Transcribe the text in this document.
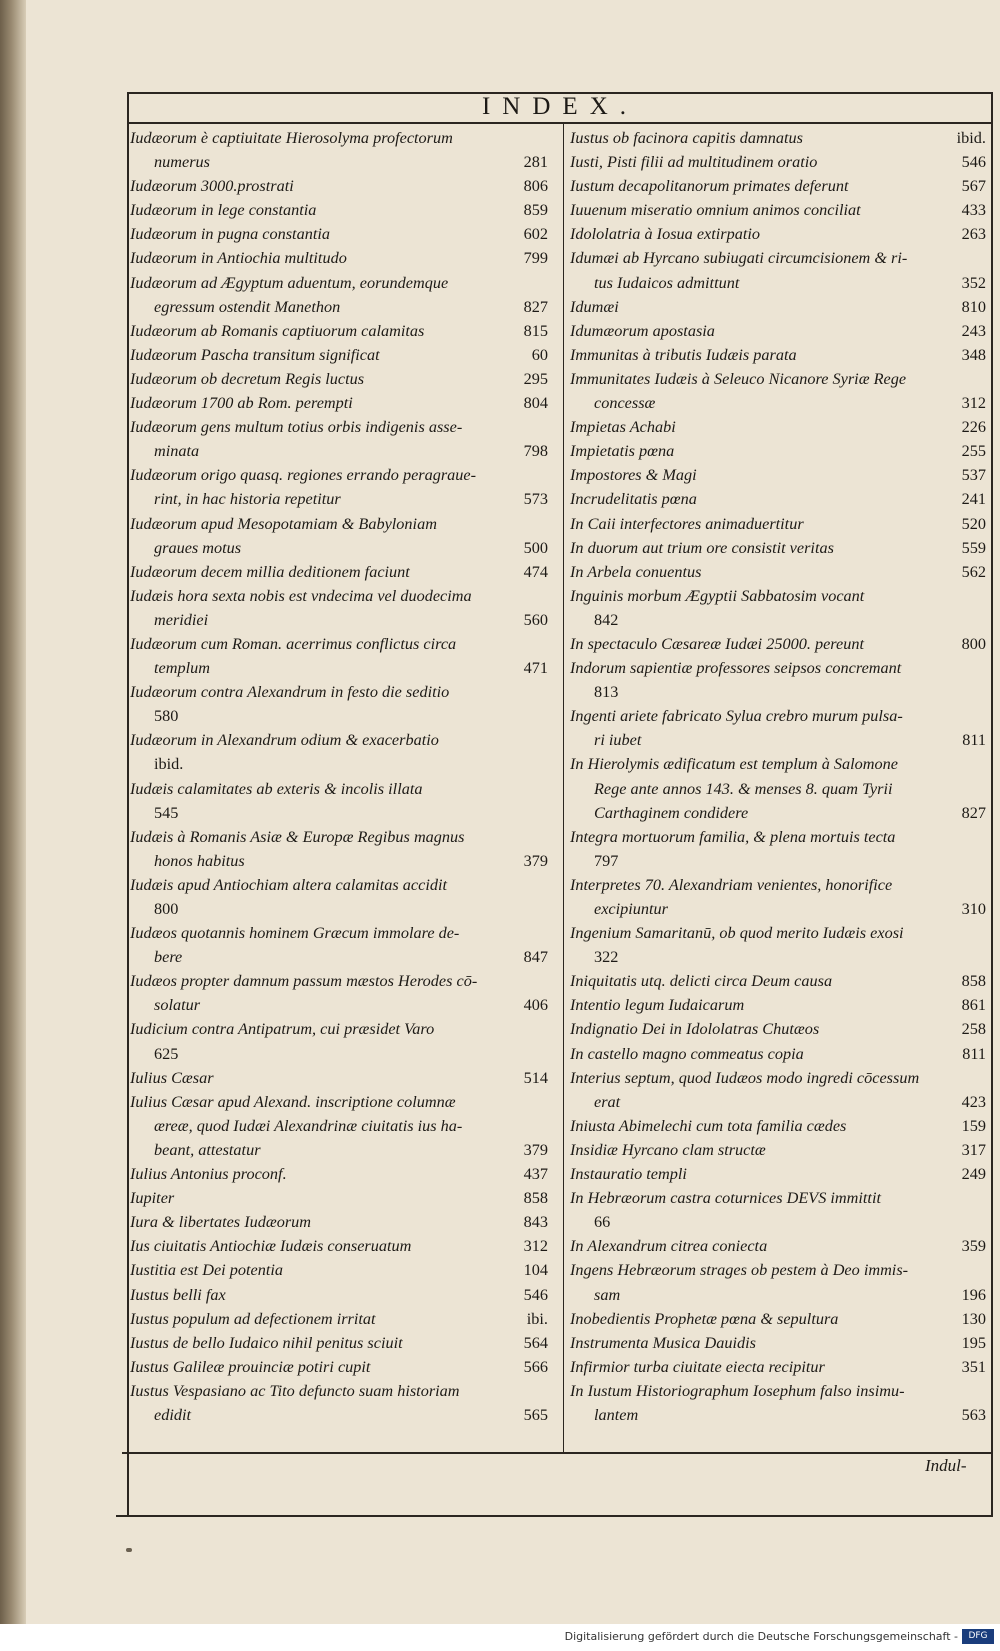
INDEX.
Iudæorum è captiuitate Hierosolyma profectorum
numerus	281
Iudæorum 3000.prostrati	806
Iudæorum in lege constantia	859
Iudæorum in pugna constantia	602
Iudæorum in Antiochia multitudo	799
Iudæorum ad Ægyptum aduentum, eorundemque
egressum ostendit Manethon	827
Iudæorum ab Romanis captiuorum calamitas	815
Iudæorum Pascha transitum significat	60
Iudæorum ob decretum Regis luctus	295
Iudæorum 1700 ab Rom. perempti	804
Iudæorum gens multum totius orbis indigenis asse-
minata	798
Iudæorum origo quasq. regiones errando peragraue-
rint, in hac historia repetitur	573
Iudæorum apud Mesopotamiam & Babyloniam
graues motus	500
Iudæorum decem millia deditionem faciunt	474
Iudæis hora sexta nobis est vndecima vel duodecima
meridiei	560
Iudæorum cum Roman. acerrimus conflictus circa
templum	471
Iudæorum contra Alexandrum in festo die seditio
580
Iudæorum in Alexandrum odium & exacerbatio
ibid.
Iudæis calamitates ab exteris & incolis illata
545
Iudæis à Romanis Asiæ & Europæ Regibus magnus
honos habitus	379
Iudæis apud Antiochiam altera calamitas accidit
800
Iudæos quotannis hominem Græcum immolare de-
bere	847
Iudæos propter damnum passum mæstos Herodes cō-
solatur	406
Iudicium contra Antipatrum, cui præsidet Varo
625
Iulius Cæsar	514
Iulius Cæsar apud Alexand. inscriptione columnæ
æreæ, quod Iudæi Alexandrinæ ciuitatis ius ha-
beant, attestatur	379
Iulius Antonius proconf.	437
Iupiter	858
Iura & libertates Iudæorum	843
Ius ciuitatis Antiochiæ Iudæis conseruatum	312
Iustitia est Dei potentia	104
Iustus belli fax	546
Iustus populum ad defectionem irritat	ibi.
Iustus de bello Iudaico nihil penitus sciuit	564
Iustus Galileæ prouinciæ potiri cupit	566
Iustus Vespasiano ac Tito defuncto suam historiam
edidit	565
Iustus ob facinora capitis damnatus	ibid.
Iusti, Pisti filii ad multitudinem oratio	546
Iustum decapolitanorum primates deferunt	567
Iuuenum miseratio omnium animos conciliat	433
Idololatria à Iosua extirpatio	263
Idumæi ab Hyrcano subiugati circumcisionem & ri-
tus Iudaicos admittunt	352
Idumæi	810
Idumæorum apostasia	243
Immunitas à tributis Iudæis parata	348
Immunitates Iudæis à Seleuco Nicanore Syriæ Rege
concessæ	312
Impietas Achabi	226
Impietatis pœna	255
Impostores & Magi	537
Incrudelitatis pœna	241
In Caii interfectores animaduertitur	520
In duorum aut trium ore consistit veritas	559
In Arbela conuentus	562
Inguinis morbum Ægyptii Sabbatosim vocant
842
In spectaculo Cæsareæ Iudæi 25000. pereunt	800
Indorum sapientiæ professores seipsos concremant
813
Ingenti ariete fabricato Sylua crebro murum pulsa-
ri iubet	811
In Hierolymis ædificatum est templum à Salomone
Rege ante annos 143. & menses 8. quam Tyrii
Carthaginem condidere	827
Integra mortuorum familia, & plena mortuis tecta
797
Interpretes 70. Alexandriam venientes, honorifice
excipiuntur	310
Ingenium Samaritanū, ob quod merito Iudæis exosi
322
Iniquitatis utq. delicti circa Deum causa	858
Intentio legum Iudaicarum	861
Indignatio Dei in Idololatras Chutæos	258
In castello magno commeatus copia	811
Interius septum, quod Iudæos modo ingredi cōcessum
erat	423
Iniusta Abimelechi cum tota familia cædes	159
Insidiæ Hyrcano clam structæ	317
Instauratio templi	249
In Hebræorum castra coturnices DEVS immittit
66
In Alexandrum citrea coniecta	359
Ingens Hebræorum strages ob pestem à Deo immis-
sam	196
Inobedientis Prophetæ pœna & sepultura	130
Instrumenta Musica Dauidis	195
Infirmior turba ciuitate eiecta recipitur	351
In Iustum Historiographum Iosephum falso insimu-
lantem	563
Indul-
Digitalisierung gefördert durch die Deutsche Forschungsgemeinschaft -	DFG
